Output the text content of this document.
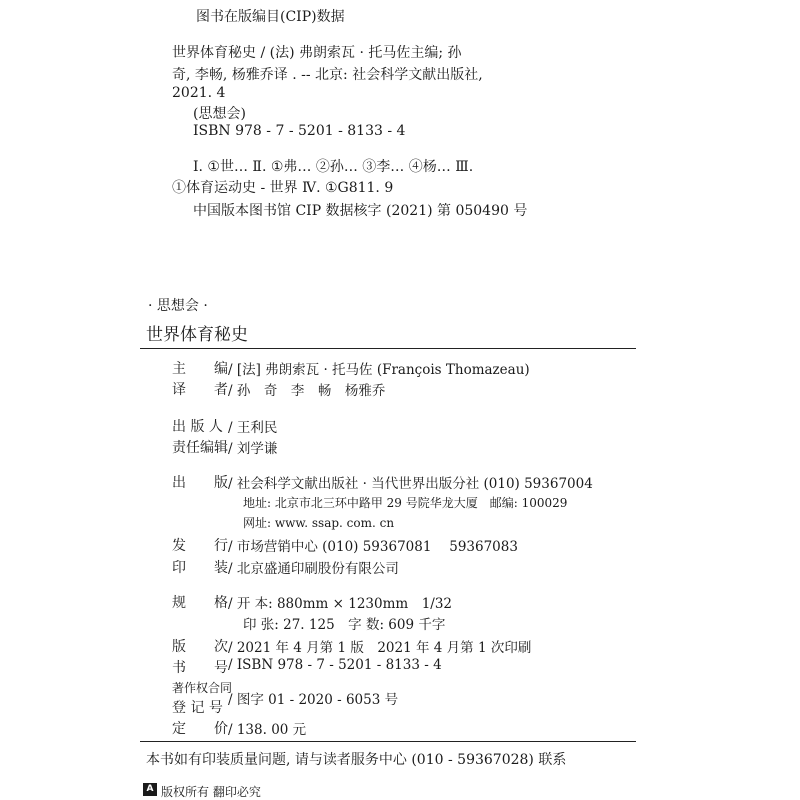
图书在版编目(CIP)数据
世界体育秘史 / (法) 弗朗索瓦 · 托马佐主编; 孙
奇, 李畅, 杨雅乔译 . -- 北京: 社会科学文献出版社,
2021. 4
(思想会)
ISBN 978 - 7 - 5201 - 8133 - 4
Ⅰ. ①世… Ⅱ. ①弗… ②孙… ③李… ④杨… Ⅲ.
①体育运动史 - 世界 Ⅳ. ①G811. 9
中国版本图书馆 CIP 数据核字 (2021) 第 050490 号
· 思想会 ·
世界体育秘史
主　　编 / [法] 弗朗索瓦 · 托马佐 (François Thomazeau)
译　　者 / 孙　奇　李　畅　杨雅乔
出 版 人 / 王利民
责任编辑 / 刘学谦
出　　版 / 社会科学文献出版社 · 当代世界出版分社 (010) 59367004
地址: 北京市北三环中路甲 29 号院华龙大厦　邮编: 100029
网址: www. ssap. com. cn
发　　行 / 市场营销中心 (010) 59367081　 59367083
印　　装 / 北京盛通印刷股份有限公司
规　　格 / 开 本: 880mm × 1230mm　1/32
印 张: 27. 125　字 数: 609 千字
版　　次 / 2021 年 4 月第 1 版　2021 年 4 月第 1 次印刷
书　　号 / ISBN 978 - 7 - 5201 - 8133 - 4
著作权合同
登 记 号 / 图字 01 - 2020 - 6053 号
定　　价 / 138. 00 元
本书如有印装质量问题, 请与读者服务中心 (010 - 59367028) 联系
A 版权所有 翻印必究
